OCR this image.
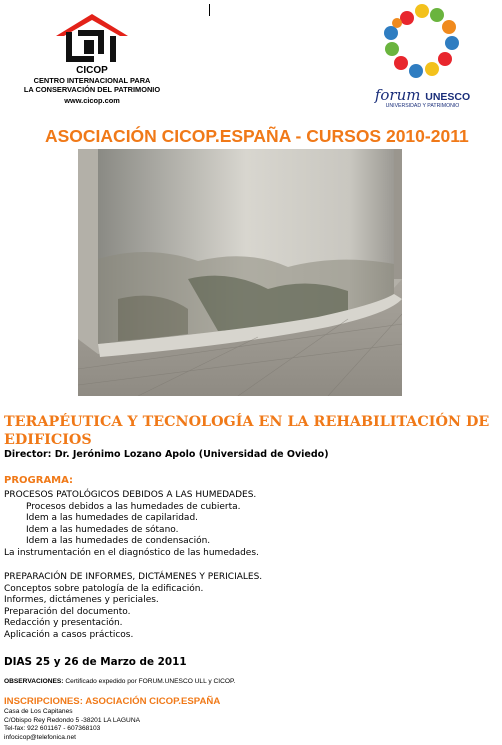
CICOP
CENTRO INTERNACIONAL PARA
LA CONSERVACIÓN DEL PATRIMONIO
www.cicop.com	forum UNESCO
UNIVERSIDAD Y PATRIMONIO
ASOCIACIÓN CICOP.ESPAÑA - CURSOS 2010-2011
TERAPÉUTICA Y TECNOLOGÍA EN LA REHABILITACIÓN DE EDIFICIOS
Director: Dr. Jerónimo Lozano Apolo (Universidad de Oviedo)
PROGRAMA:
PROCESOS PATOLÓGICOS DEBIDOS A LAS HUMEDADES.
Procesos debidos a las humedades de cubierta.
Idem a las humedades de capilaridad.
Idem a las humedades de sótano.
Idem a las humedades de condensación.
La instrumentación en el diagnóstico de las humedades.
PREPARACIÓN DE INFORMES, DICTÁMENES Y PERICIALES.
Conceptos sobre patología de la edificación.
Informes, dictámenes y periciales.
Preparación del documento.
Redacción y presentación.
Aplicación a casos prácticos.
DIAS 25 y 26 de Marzo de 2011
OBSERVACIONES: Certificado expedido por FORUM.UNESCO ULL y CICOP.
INSCRIPCIONES: ASOCIACIÓN CICOP.ESPAÑA
Casa de Los Capitanes
C/Obispo Rey Redondo 5 -38201 LA LAGUNA
Tel-fax: 922 601167 - 607368103
infocicop@telefonica.net
